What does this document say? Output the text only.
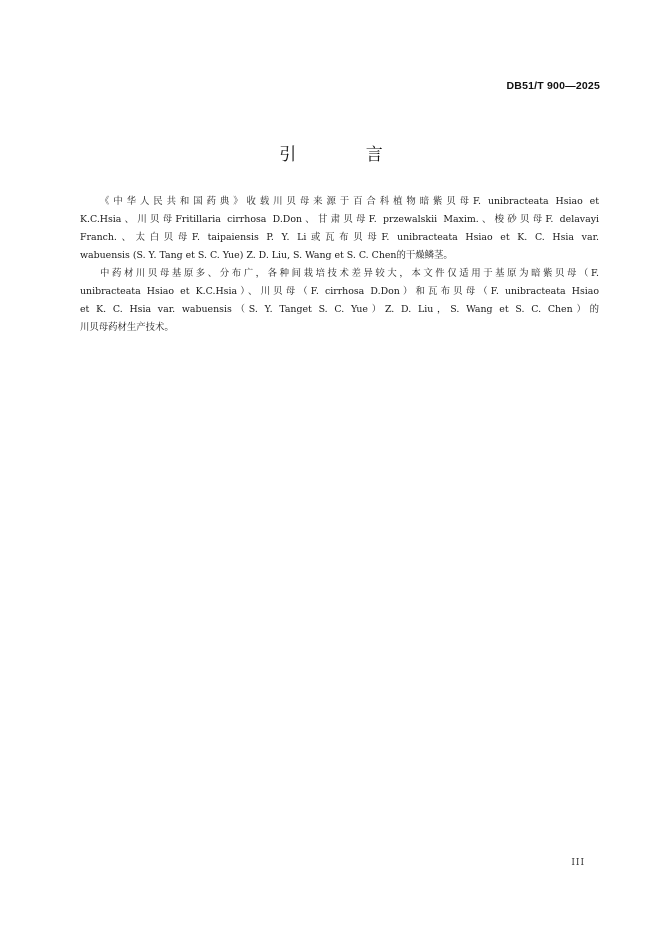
DB51/T 900—2025
引 言
《中华人民共和国药典》收载川贝母来源于百合科植物暗紫贝母F. unibracteata Hsiao et
K.C.Hsia、川贝母Fritillaria cirrhosa D.Don、甘肃贝母F. przewalskii Maxim.、梭砂贝母F. delavayi
Franch.、太白贝母F. taipaiensis P. Y. Li或瓦布贝母F. unibracteata Hsiao et K. C. Hsia var.
wabuensis (S. Y. Tang et S. C. Yue) Z. D. Liu, S. Wang et S. C. Chen的干燥鳞茎。
中药材川贝母基原多、分布广，各种间栽培技术差异较大，本文件仅适用于基原为暗紫贝母（F.
unibracteata Hsiao et K.C.Hsia）、川贝母（F. cirrhosa D.Don）和瓦布贝母（F. unibracteata Hsiao
et K. C. Hsia var. wabuensis（S. Y. Tanget S. C. Yue）Z. D. Liu，S. Wang et S. C. Chen）的
川贝母药材生产技术。
III
